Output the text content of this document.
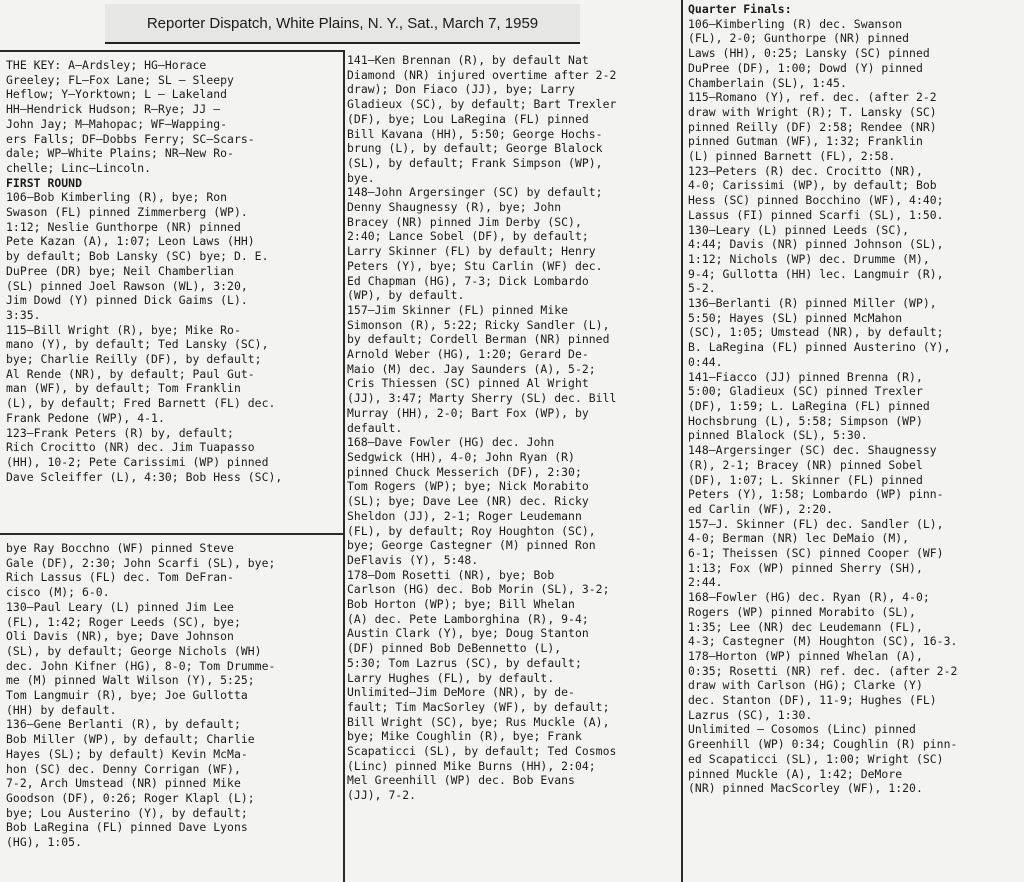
Reporter Dispatch, White Plains, N. Y., Sat., March 7, 1959

THE KEY: A—Ardsley; HG—Horace

Greeley; FL—Fox Lane; SL — Sleepy

Heflow; Y—Yorktown; L — Lakeland

HH—Hendrick Hudson; R—Rye; JJ —

John Jay; M—Mahopac; WF—Wapping-

ers Falls; DF—Dobbs Ferry; SC—Scars-

dale; WP—White Plains; NR—New Ro-

chelle; Linc—Lincoln.

FIRST ROUND

106—Bob Kimberling (R), bye; Ron

Swason (FL) pinned Zimmerberg (WP).

1:12; Neslie Gunthorpe (NR) pinned

Pete Kazan (A), 1:07; Leon Laws (HH)

by default; Bob Lansky (SC) bye; D. E.

DuPree (DR) bye; Neil Chamberlian

(SL) pinned Joel Rawson (WL), 3:20,

Jim Dowd (Y) pinned Dick Gaims (L).

3:35.

115—Bill Wright (R), bye; Mike Ro-

mano (Y), by default; Ted Lansky (SC),

bye; Charlie Reilly (DF), by default;

Al Rende (NR), by default; Paul Gut-

man (WF), by default; Tom Franklin

(L), by default; Fred Barnett (FL) dec.

Frank Pedone (WP), 4-1.

123—Frank Peters (R) by, default;

Rich Crocitto (NR) dec. Jim Tuapasso

(HH), 10-2; Pete Carissimi (WP) pinned

Dave Scleiffer (L), 4:30; Bob Hess (SC),

bye Ray Bocchno (WF) pinned Steve

Gale (DF), 2:30; John Scarfi (SL), bye;

Rich Lassus (FL) dec. Tom DeFran-

cisco (M); 6-0.

130—Paul Leary (L) pinned Jim Lee

(FL), 1:42; Roger Leeds (SC), bye;

Oli Davis (NR), bye; Dave Johnson

(SL), by default; George Nichols (WH)

dec. John Kifner (HG), 8-0; Tom Drumme-

me (M) pinned Walt Wilson (Y), 5:25;

Tom Langmuir (R), bye; Joe Gullotta

(HH) by default.

136—Gene Berlanti (R), by default;

Bob Miller (WP), by default; Charlie

Hayes (SL); by default) Kevin McMa-

hon (SC) dec. Denny Corrigan (WF),

7-2, Arch Umstead (NR) pinned Mike

Goodson (DF), 0:26; Roger Klapl (L);

bye; Lou Austerino (Y), by default;

Bob LaRegina (FL) pinned Dave Lyons

(HG), 1:05.

141—Ken Brennan (R), by default Nat

Diamond (NR) injured overtime after 2-2

draw); Don Fiaco (JJ), bye; Larry

Gladieux (SC), by default; Bart Trexler

(DF), bye; Lou LaRegina (FL) pinned

Bill Kavana (HH), 5:50; George Hochs-

brung (L), by default; George Blalock

(SL), by default; Frank Simpson (WP),

bye.

148—John Argersinger (SC) by default;

Denny Shaugnessy (R), bye; John

Bracey (NR) pinned Jim Derby (SC),

2:40; Lance Sobel (DF), by default;

Larry Skinner (FL) by default; Henry

Peters (Y), bye; Stu Carlin (WF) dec.

Ed Chapman (HG), 7-3; Dick Lombardo

(WP), by default.

157—Jim Skinner (FL) pinned Mike

Simonson (R), 5:22; Ricky Sandler (L),

by default; Cordell Berman (NR) pinned

Arnold Weber (HG), 1:20; Gerard De-

Maio (M) dec. Jay Saunders (A), 5-2;

Cris Thiessen (SC) pinned Al Wright

(JJ), 3:47; Marty Sherry (SL) dec. Bill

Murray (HH), 2-0; Bart Fox (WP), by

default.

168—Dave Fowler (HG) dec. John

Sedgwick (HH), 4-0; John Ryan (R)

pinned Chuck Messerich (DF), 2:30;

Tom Rogers (WP); bye; Nick Morabito

(SL); bye; Dave Lee (NR) dec. Ricky

Sheldon (JJ), 2-1; Roger Leudemann

(FL), by default; Roy Houghton (SC),

bye; George Castegner (M) pinned Ron

DeFlavis (Y), 5:48.

178—Dom Rosetti (NR), bye; Bob

Carlson (HG) dec. Bob Morin (SL), 3-2;

Bob Horton (WP); bye; Bill Whelan

(A) dec. Pete Lamborghina (R), 9-4;

Austin Clark (Y), bye; Doug Stanton

(DF) pinned Bob DeBennetto (L),

5:30; Tom Lazrus (SC), by default;

Larry Hughes (FL), by default.

Unlimited—Jim DeMore (NR), by de-

fault; Tim MacSorley (WF), by default;

Bill Wright (SC), bye; Rus Muckle (A),

bye; Mike Coughlin (R), bye; Frank

Scapaticci (SL), by default; Ted Cosmos

(Linc) pinned Mike Burns (HH), 2:04;

Mel Greenhill (WP) dec. Bob Evans

(JJ), 7-2.

Quarter Finals:

106—Kimberling (R) dec. Swanson

(FL), 2-0; Gunthorpe (NR) pinned

Laws (HH), 0:25; Lansky (SC) pinned

DuPree (DF), 1:00; Dowd (Y) pinned

Chamberlain (SL), 1:45.

115—Romano (Y), ref. dec. (after 2-2

draw with Wright (R); T. Lansky (SC)

pinned Reilly (DF) 2:58; Rendee (NR)

pinned Gutman (WF), 1:32; Franklin

(L) pinned Barnett (FL), 2:58.

123—Peters (R) dec. Crocitto (NR),

4-0; Carissimi (WP), by default; Bob

Hess (SC) pinned Bocchino (WF), 4:40;

Lassus (FI) pinned Scarfi (SL), 1:50.

130—Leary (L) pinned Leeds (SC),

4:44; Davis (NR) pinned Johnson (SL),

1:12; Nichols (WP) dec. Drumme (M),

9-4; Gullotta (HH) lec. Langmuir (R),

5-2.

136—Berlanti (R) pinned Miller (WP),

5:50; Hayes (SL) pinned McMahon

(SC), 1:05; Umstead (NR), by default;

B. LaRegina (FL) pinned Austerino (Y),

0:44.

141—Fiacco (JJ) pinned Brenna (R),

5:00; Gladieux (SC) pinned Trexler

(DF), 1:59; L. LaRegina (FL) pinned

Hochsbrung (L), 5:58; Simpson (WP)

pinned Blalock (SL), 5:30.

148—Argersinger (SC) dec. Shaugnessy

(R), 2-1; Bracey (NR) pinned Sobel

(DF), 1:07; L. Skinner (FL) pinned

Peters (Y), 1:58; Lombardo (WP) pinn-

ed Carlin (WF), 2:20.

157—J. Skinner (FL) dec. Sandler (L),

4-0; Berman (NR) lec DeMaio (M),

6-1; Theissen (SC) pinned Cooper (WF)

1:13; Fox (WP) pinned Sherry (SH),

2:44.

168—Fowler (HG) dec. Ryan (R), 4-0;

Rogers (WP) pinned Morabito (SL),

1:35; Lee (NR) dec Leudemann (FL),

4-3; Castegner (M) Houghton (SC), 16-3.

178—Horton (WP) pinned Whelan (A),

0:35; Rosetti (NR) ref. dec. (after 2-2

draw with Carlson (HG); Clarke (Y)

dec. Stanton (DF), 11-9; Hughes (FL)

Lazrus (SC), 1:30.

Unlimited — Cosomos (Linc) pinned

Greenhill (WP) 0:34; Coughlin (R) pinn-

ed Scapaticci (SL), 1:00; Wright (SC)

pinned Muckle (A), 1:42; DeMore

(NR) pinned MacScorley (WF), 1:20.
